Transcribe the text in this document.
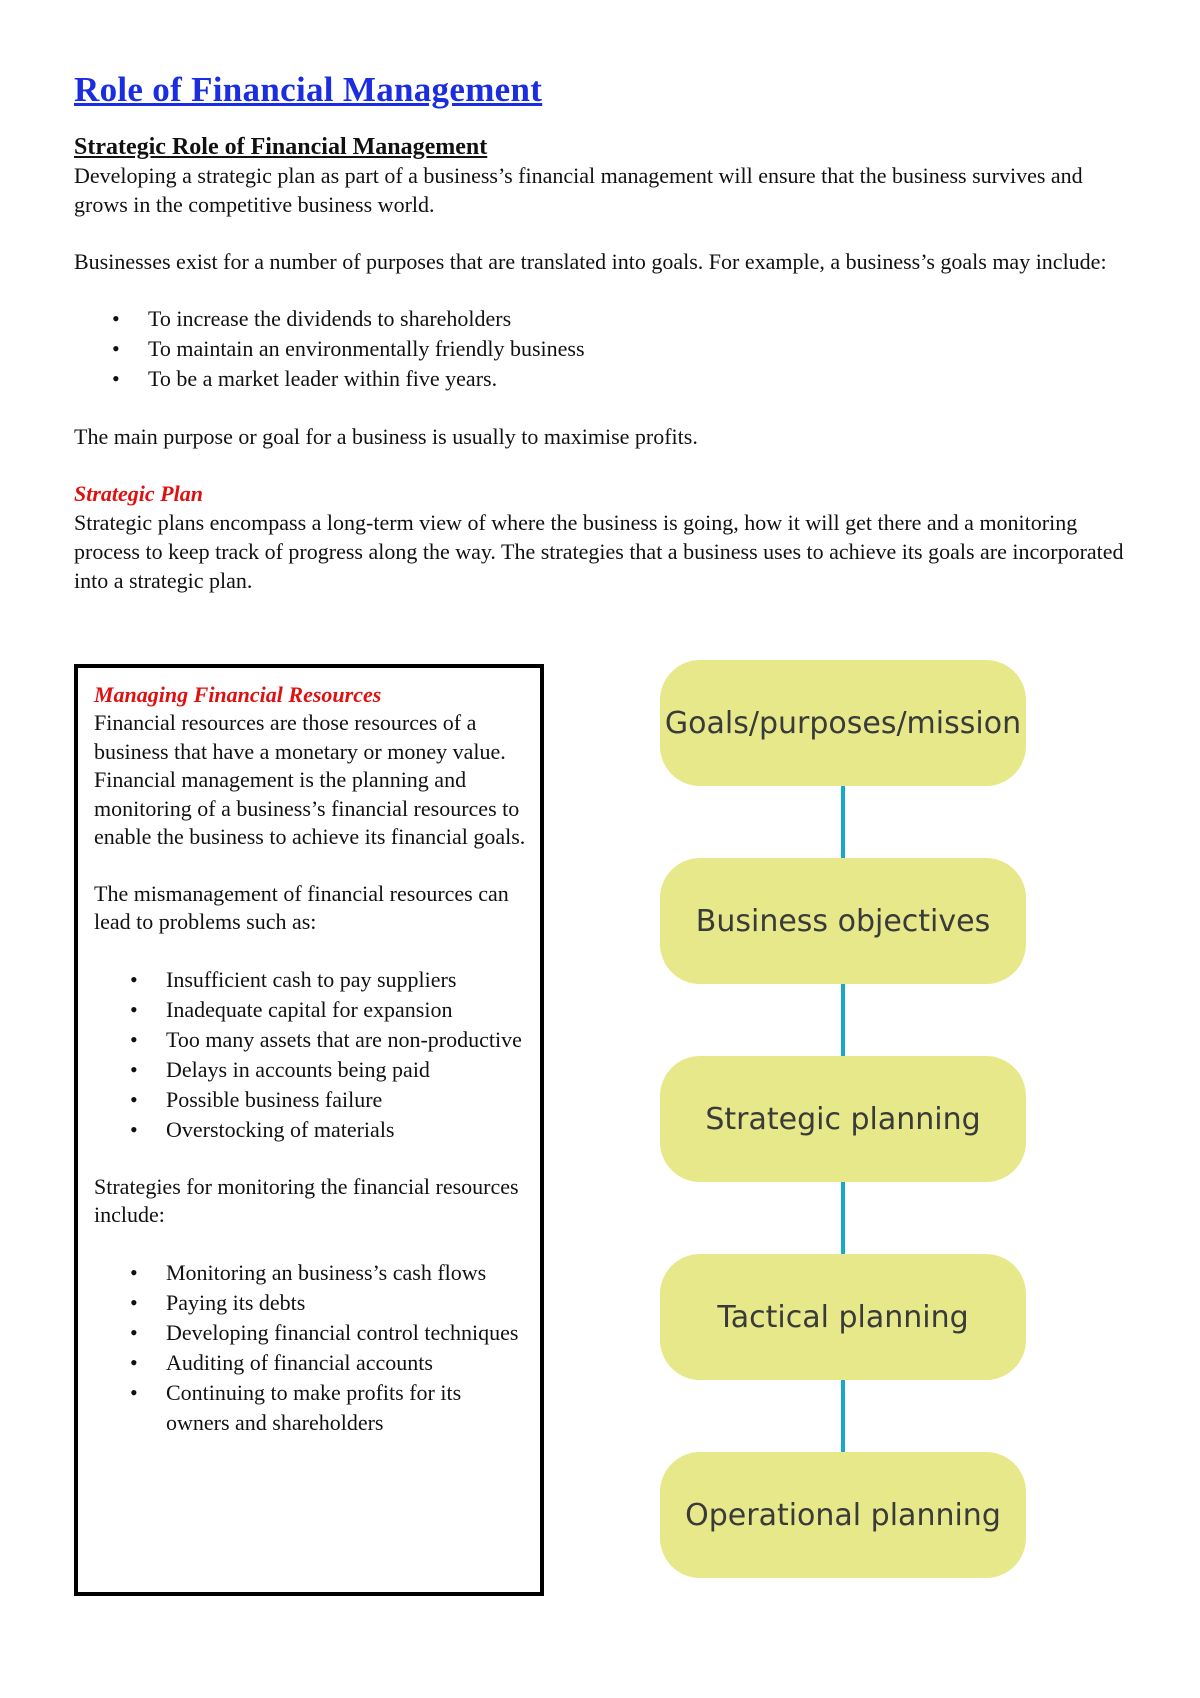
Role of Financial Management
Strategic Role of Financial Management

Developing a strategic plan as part of a business’s financial management will ensure that the business survives and grows in the competitive business world.

Businesses exist for a number of purposes that are translated into goals. For example, a business’s goals may include:

• To increase the dividends to shareholders
• To maintain an environmentally friendly business
• To be a market leader within five years.

The main purpose or goal for a business is usually to maximise profits.

Strategic Plan

Strategic plans encompass a long-term view of where the business is going, how it will get there and a monitoring process to keep track of progress along the way. The strategies that a business uses to achieve its goals are incorporated into a strategic plan.

Managing Financial Resources

Financial resources are those resources of a business that have a monetary or money value. Financial management is the planning and monitoring of a business’s financial resources to enable the business to achieve its financial goals.

The mismanagement of financial resources can lead to problems such as:

• Insufficient cash to pay suppliers
• Inadequate capital for expansion
• Too many assets that are non-productive
• Delays in accounts being paid
• Possible business failure
• Overstocking of materials

Strategies for monitoring the financial resources include:

• Monitoring an business’s cash flows
• Paying its debts
• Developing financial control techniques
• Auditing of financial accounts
• Continuing to make profits for its owners and shareholders
Goals/purposes/mission
Business objectives
Strategic planning
Tactical planning
Operational planning
